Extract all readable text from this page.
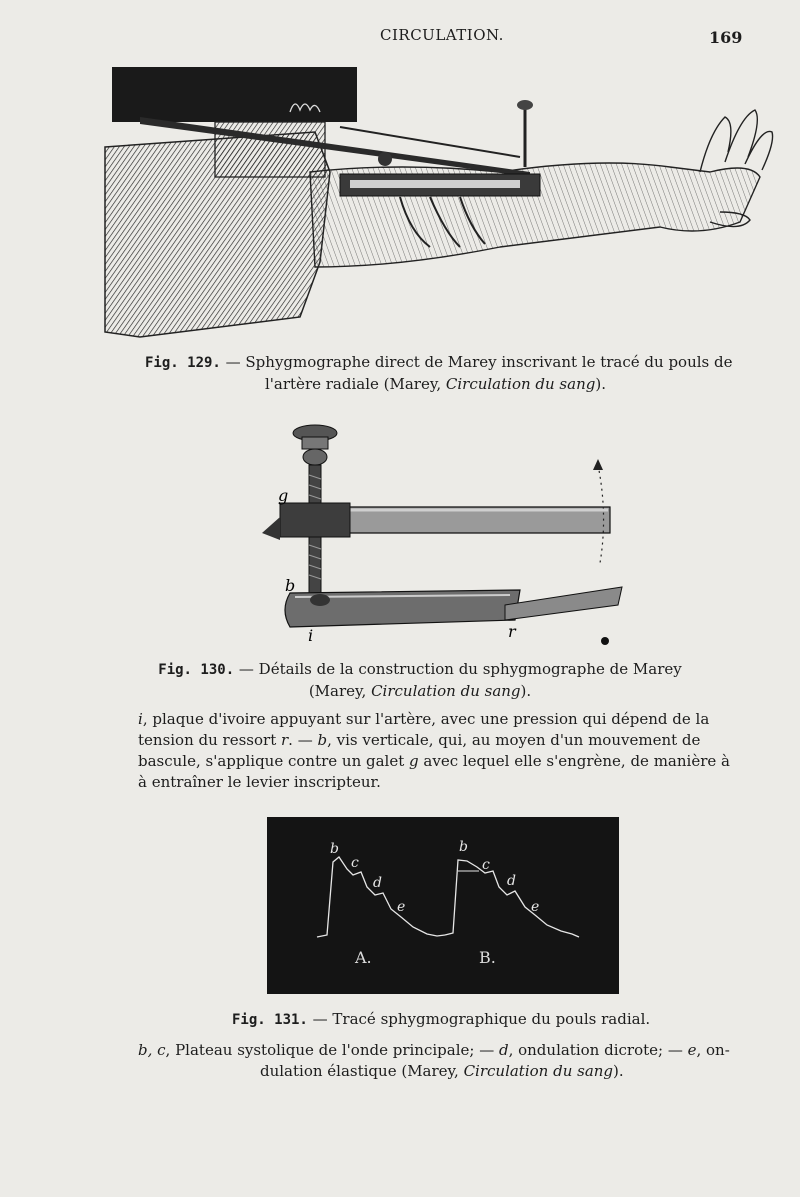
CIRCULATION.	169
Fig. 129. — Sphygmographe direct de Marey inscrivant le tracé du pouls de
l'artère radiale (Marey, Circulation du sang).
g
b
i	r
Fig. 130. — Détails de la construction du sphygmographe de Marey
(Marey, Circulation du sang).
i, plaque d'ivoire appuyant sur l'artère, avec une pression qui dépend de la
tension du ressort r. — b, vis verticale, qui, au moyen d'un mouvement de
bascule, s'applique contre un galet g avec lequel elle s'engrène, de manière à
à entraîner le levier inscripteur.
b
c
d
e
b
c
d
e
A.	B.
Fig. 131. — Tracé sphygmographique du pouls radial.
b, c, Plateau systolique de l'onde principale; — d, ondulation dicrote; — e, on-
dulation élastique (Marey, Circulation du sang).
